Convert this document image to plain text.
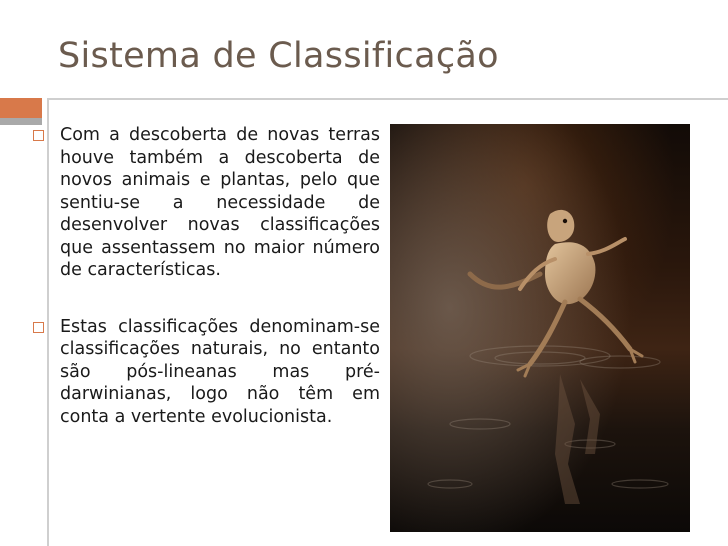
Sistema de Classificação
Com a descoberta de novas terras houve também a descoberta de novos animais e plantas, pelo que sentiu-se a necessidade de desenvolver novas classificações que assentassem no maior número de características.
Estas classificações denominam-se classificações naturais, no entanto são pós-lineanas mas pré-darwinianas, logo não têm em conta a vertente evolucionista.
